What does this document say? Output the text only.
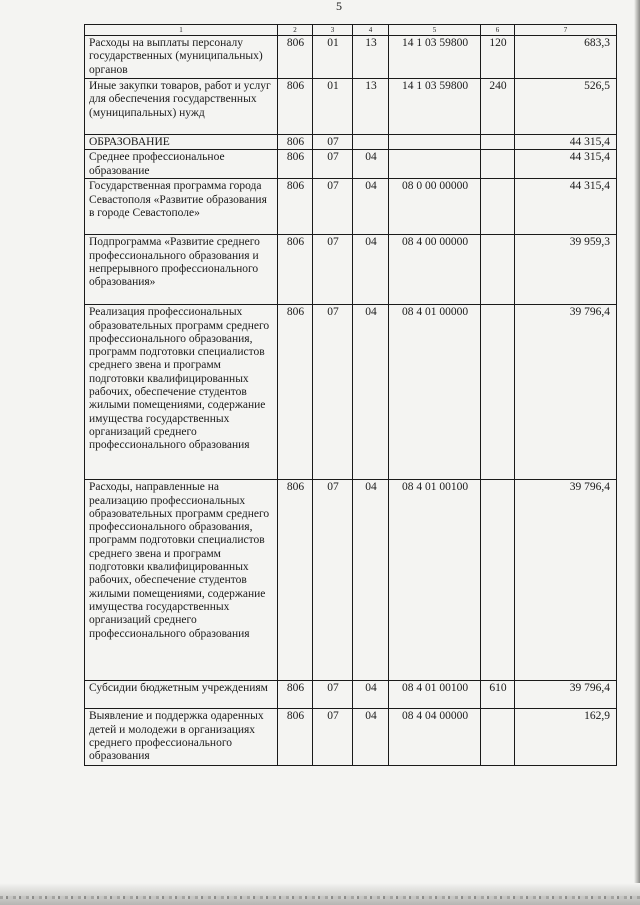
5
1	2	3	4	5	6	7
Расходы на выплаты персоналу государственных (муниципальных) органов	806	01	13	14 1 03 59800	120	683,3
Иные закупки товаров, работ и услуг для обеспечения государственных (муниципальных) нужд	806	01	13	14 1 03 59800	240	526,5
ОБРАЗОВАНИЕ	806	07				44 315,4
Среднее профессиональное образование	806	07	04			44 315,4
Государственная программа города Севастополя «Развитие образования в городе Севастополе»	806	07	04	08 0 00 00000		44 315,4
Подпрограмма «Развитие среднего профессионального образования и непрерывного профессионального образования»	806	07	04	08 4 00 00000		39 959,3
Реализация профессиональных образовательных программ среднего профессионального образования, программ подготовки специалистов среднего звена и программ подготовки квалифицированных рабочих, обеспечение студентов жилыми помещениями, содержание имущества государственных организаций среднего профессионального образования	806	07	04	08 4 01 00000		39 796,4
Расходы, направленные на реализацию профессиональных образовательных программ среднего профессионального образования, программ подготовки специалистов среднего звена и программ подготовки квалифицированных рабочих, обеспечение студентов жилыми помещениями, содержание имущества государственных организаций среднего профессионального образования	806	07	04	08 4 01 00100		39 796,4
Субсидии бюджетным учреждениям	806	07	04	08 4 01 00100	610	39 796,4
Выявление и поддержка одаренных детей и молодежи в организациях среднего профессионального образования	806	07	04	08 4 04 00000		162,9
